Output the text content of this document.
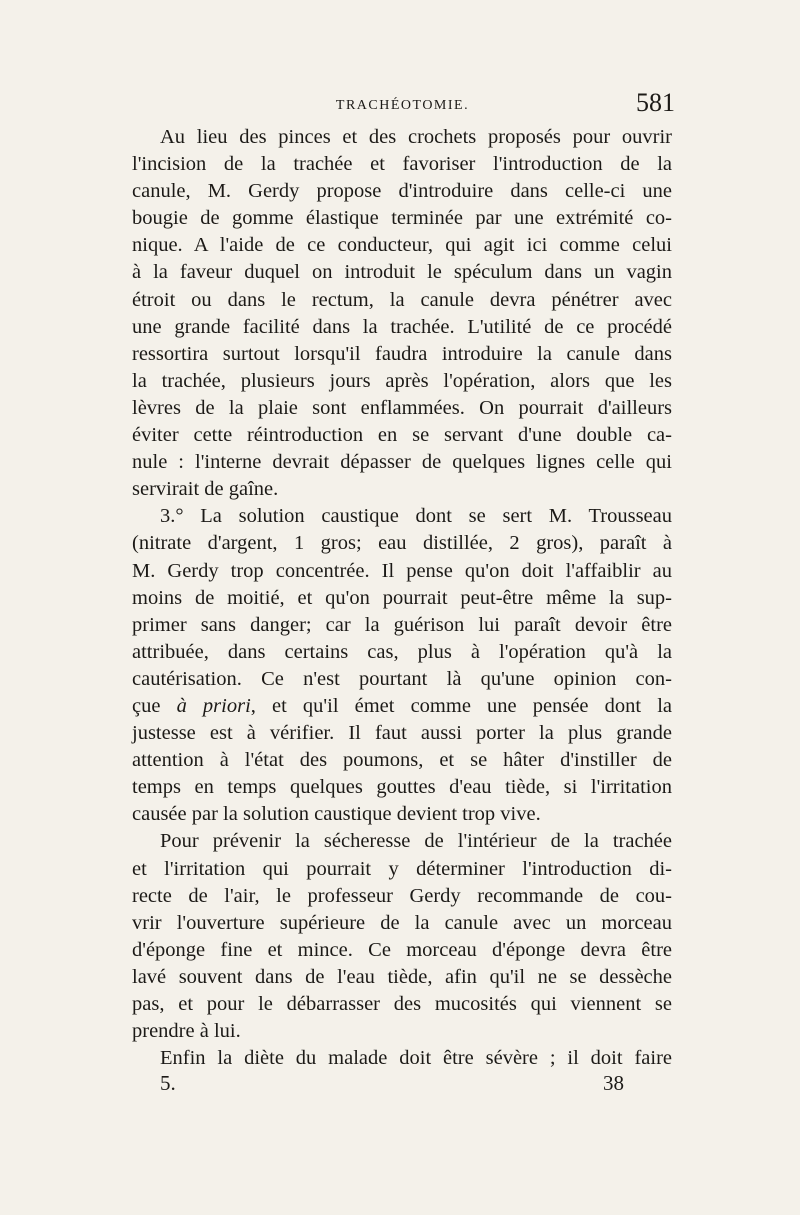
TRACHÉOTOMIE.	581
Au lieu des pinces et des crochets proposés pour ouvrir
l'incision de la trachée et favoriser l'introduction de la
canule, M. Gerdy propose d'introduire dans celle-ci une
bougie de gomme élastique terminée par une extrémité co-
nique. A l'aide de ce conducteur, qui agit ici comme celui
à la faveur duquel on introduit le spéculum dans un vagin
étroit ou dans le rectum, la canule devra pénétrer avec
une grande facilité dans la trachée. L'utilité de ce procédé
ressortira surtout lorsqu'il faudra introduire la canule dans
la trachée, plusieurs jours après l'opération, alors que les
lèvres de la plaie sont enflammées. On pourrait d'ailleurs
éviter cette réintroduction en se servant d'une double ca-
nule : l'interne devrait dépasser de quelques lignes celle qui
servirait de gaîne.
3.° La solution caustique dont se sert M. Trousseau
(nitrate d'argent, 1 gros; eau distillée, 2 gros), paraît à
M. Gerdy trop concentrée. Il pense qu'on doit l'affaiblir au
moins de moitié, et qu'on pourrait peut-être même la sup-
primer sans danger; car la guérison lui paraît devoir être
attribuée, dans certains cas, plus à l'opération qu'à la
cautérisation. Ce n'est pourtant là qu'une opinion con-
çue à priori, et qu'il émet comme une pensée dont la
justesse est à vérifier. Il faut aussi porter la plus grande
attention à l'état des poumons, et se hâter d'instiller de
temps en temps quelques gouttes d'eau tiède, si l'irritation
causée par la solution caustique devient trop vive.
Pour prévenir la sécheresse de l'intérieur de la trachée
et l'irritation qui pourrait y déterminer l'introduction di-
recte de l'air, le professeur Gerdy recommande de cou-
vrir l'ouverture supérieure de la canule avec un morceau
d'éponge fine et mince. Ce morceau d'éponge devra être
lavé souvent dans de l'eau tiède, afin qu'il ne se dessèche
pas, et pour le débarrasser des mucosités qui viennent se
prendre à lui.
Enfin la diète du malade doit être sévère ; il doit faire
5.	38
